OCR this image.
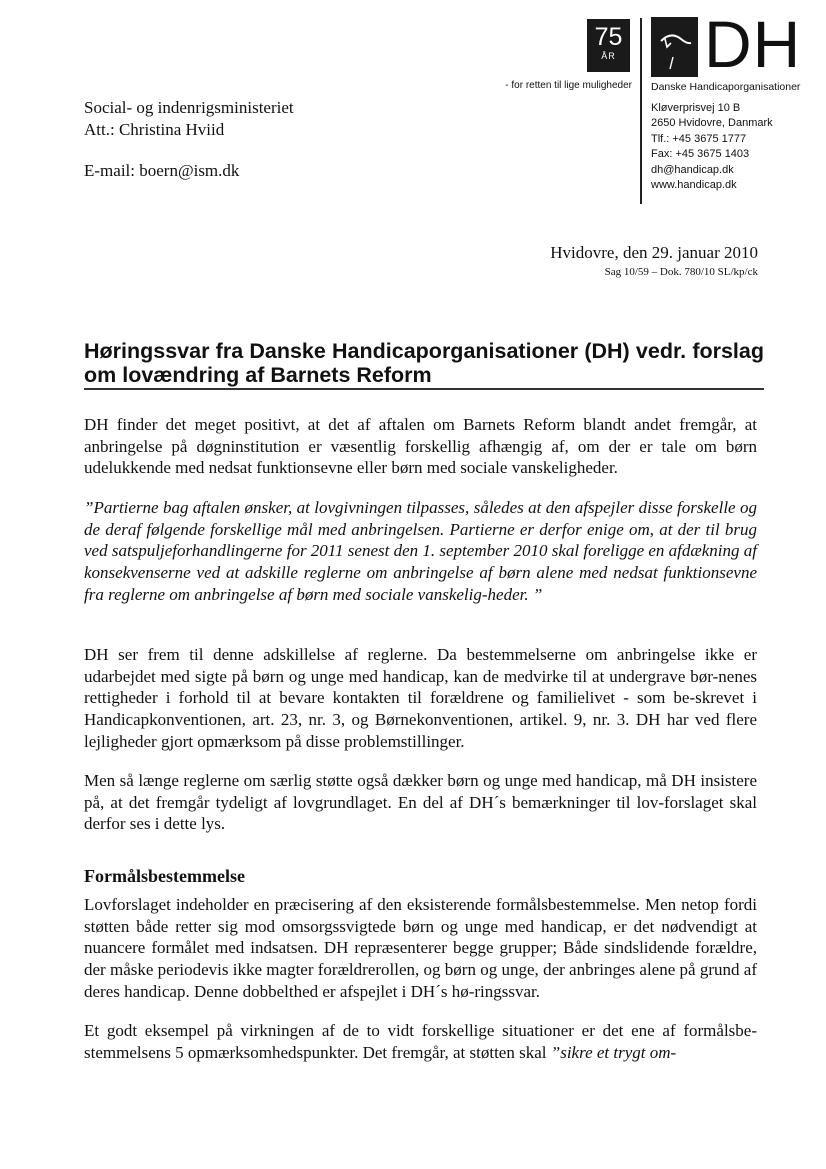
75
ÅR
- for retten til lige muligheder
DH
Danske Handicaporganisationer
Kløverprisvej 10 B
2650 Hvidovre, Danmark
Tlf.: +45 3675 1777
Fax: +45 3675 1403
dh@handicap.dk
www.handicap.dk
Social- og indenrigsministeriet
Att.: Christina Hviid
E-mail: boern@ism.dk
Hvidovre, den 29. januar 2010
Sag 10/59 – Dok. 780/10 SL/kp/ck
Høringssvar fra Danske Handicaporganisationer (DH) vedr. forslag om lovændring af Barnets Reform
DH finder det meget positivt, at det af aftalen om Barnets Reform blandt andet fremgår, at anbringelse på døgninstitution er væsentlig forskellig afhængig af, om der er tale om børn udelukkende med nedsat funktionsevne eller børn med sociale vanskeligheder.
”Partierne bag aftalen ønsker, at lovgivningen tilpasses, således at den afspejler disse forskelle og de deraf følgende forskellige mål med anbringelsen. Partierne er derfor enige om, at der til brug ved satspuljeforhandlingerne for 2011 senest den 1. september 2010 skal foreligge en afdækning af konsekvenserne ved at adskille reglerne om anbringelse af børn alene med nedsat funktionsevne fra reglerne om anbringelse af børn med sociale vanskelig-heder. ”
DH ser frem til denne adskillelse af reglerne. Da bestemmelserne om anbringelse ikke er udarbejdet med sigte på børn og unge med handicap, kan de medvirke til at undergrave bør-nenes rettigheder i forhold til at bevare kontakten til forældrene og familielivet - som be-skrevet i Handicapkonventionen, art. 23, nr. 3, og Børnekonventionen, artikel. 9, nr. 3. DH har ved flere lejligheder gjort opmærksom på disse problemstillinger.
Men så længe reglerne om særlig støtte også dækker børn og unge med handicap, må DH insistere på, at det fremgår tydeligt af lovgrundlaget. En del af DH´s bemærkninger til lov-forslaget skal derfor ses i dette lys.
Formålsbestemmelse
Lovforslaget indeholder en præcisering af den eksisterende formålsbestemmelse. Men netop fordi støtten både retter sig mod omsorgssvigtede børn og unge med handicap, er det nødvendigt at nuancere formålet med indsatsen. DH repræsenterer begge grupper; Både sindslidende forældre, der måske periodevis ikke magter forældrerollen, og børn og unge, der anbringes alene på grund af deres handicap. Denne dobbelthed er afspejlet i DH´s hø-ringssvar.
Et godt eksempel på virkningen af de to vidt forskellige situationer er det ene af formålsbe-stemmelsens 5 opmærksomhedspunkter. Det fremgår, at støtten skal ”sikre et trygt om-
